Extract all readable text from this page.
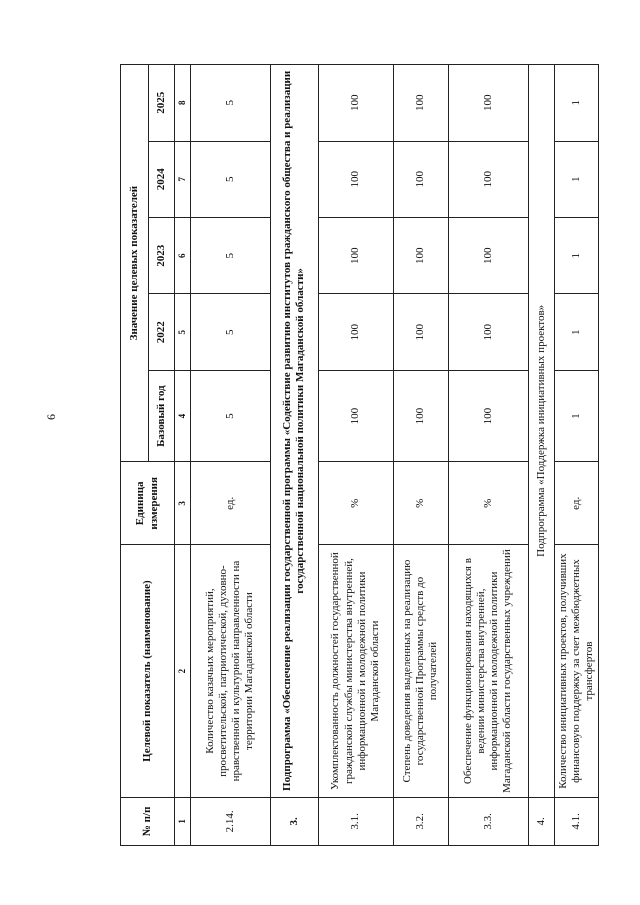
6
№ п/п	Целевой показатель (наименование)	Единица измерения	Значение целевых показателей				
			Базовый год	2022	2023	2024	2025
1	2	3	4	5	6	7	8
2.14.	Количество казачьих мероприятий, просветительской, патриотической, духовно-нравственной и культурной направленности на территории Магаданской области	ед.	5	5	5	5	5
3.	Подпрограмма «Обеспечение реализации государственной программы «Содействие развитию институтов гражданского общества и реализации государственной национальной политики Магаданской области»						
3.1.	Укомплектованность должностей государственной гражданской службы министерства внутренней, информационной и молодежной политики Магаданской области	%	100	100	100	100	100
3.2.	Степень доведения выделенных на реализацию государственной Программы средств до получателей	%	100	100	100	100	100
3.3.	Обеспечение функционирования находящихся в ведении министерства внутренней, информационной и молодежной политики Магаданской области государственных учреждений	%	100	100	100	100	100
4.	Подпрограмма «Поддержка инициативных проектов»						
4.1.	Количество инициативных проектов, получивших финансовую поддержку за счет межбюджетных трансфертов	ед.	1	1	1	1	1
